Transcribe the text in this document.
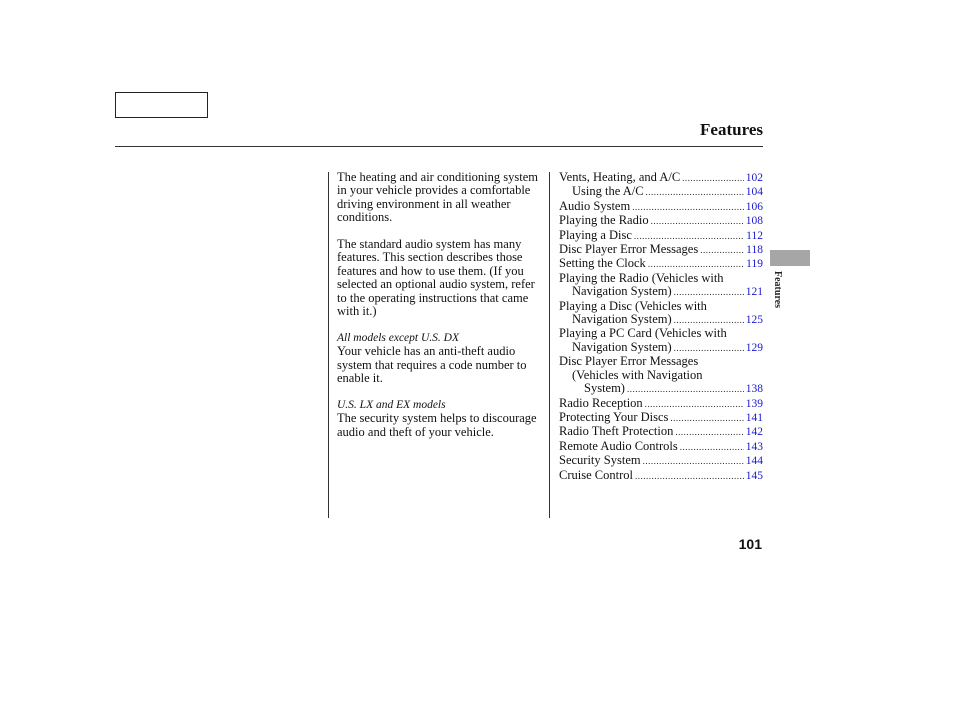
Features

The heating and air conditioning system in your vehicle provides a comfortable driving environment in all weather conditions.

The standard audio system has many features. This section describes those features and how to use them. (If you selected an optional audio system, refer to the operating instructions that came with it.)

All models except U.S. DX

Your vehicle has an anti-theft audio system that requires a code number to enable it.

U.S. LX and EX models

The security system helps to discourage audio and theft of your vehicle.

Vents, Heating, and A/C .....	102
Using the A/C .....	104
Audio System .....	106
Playing the Radio .....	108
Playing a Disc .....	112
Disc Player Error Messages .....	118
Setting the Clock .....	119
Playing the Radio (Vehicles with
Navigation System) .....	121
Playing a Disc (Vehicles with
Navigation System) .....	125
Playing a PC Card (Vehicles with
Navigation System) .....	129
Disc Player Error Messages
(Vehicles with Navigation
System) .....	138
Radio Reception .....	139
Protecting Your Discs .....	141
Radio Theft Protection .....	142
Remote Audio Controls .....	143
Security System .....	144
Cruise Control .....	145
Features
101
